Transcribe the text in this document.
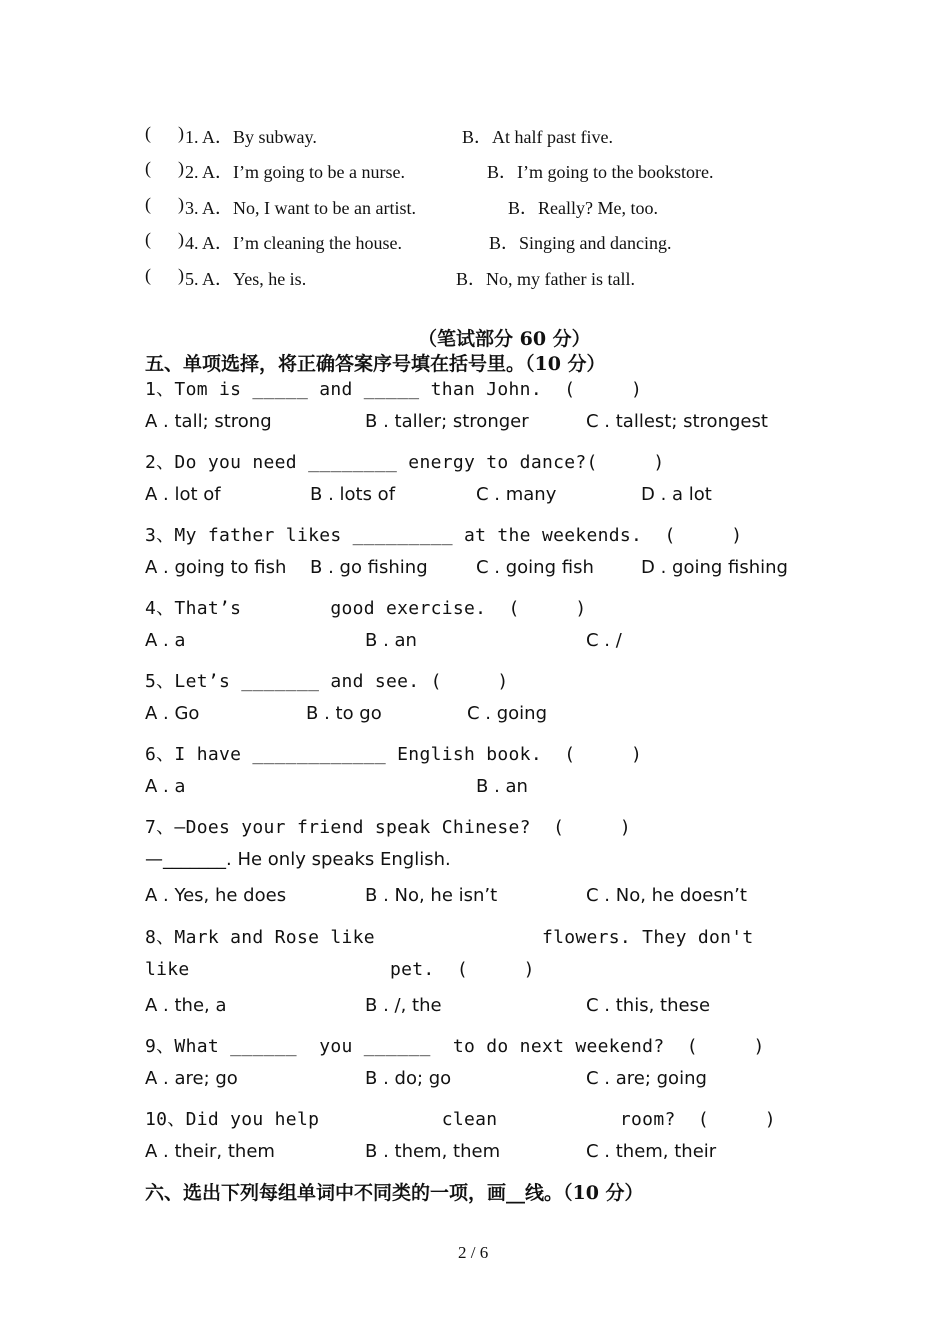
(      ) 1. A．By subway.	B．At half past five.
(      ) 2. A．I’m going to be a nurse.	B．I’m going to the bookstore.
(      ) 3. A．No, I want to be an artist.	B．Really? Me, too.
(      ) 4. A．I’m cleaning the house.	B．Singing and dancing.
(      ) 5. A．Yes, he is.	B．No, my father is tall.
（笔试部分 60 分）
五、单项选择，将正确答案序号填在括号里。（10 分）
1、Tom is _____ and _____ than John.  (     )
A . tall; strong	B . taller; stronger	C . tallest; strongest
2、Do you need ________ energy to dance?(     )
A . lot of	B . lots of	C . many	D . a lot
3、My father likes _________ at the weekends.  (     )
A . going to fish B . go fishing	C . going fish	D . going fishing
4、That’s        good exercise.  (     )
A . a	B . an	C . /
5、Let’s _______ and see. (     )
A . Go	B . to go	C . going
6、I have ____________ English book.  (     )
A . a	B . an
7、—Does your friend speak Chinese?  (     )
—_______. He only speaks English.
A . Yes, he does	B . No, he isn’t	C . No, he doesn’t
8、Mark and Rose like               flowers. They don't
like                  pet.  (     )
A . the, a	B . /, the	C . this, these
9、What ______  you ______  to do next weekend?  (     )
A . are; go	B . do; go	C . are; going
10、Did you help           clean           room?  (     )
A . their, them	B . them, them	C . them, their
六、选出下列每组单词中不同类的一项，画__线。（10 分）
2 / 6
